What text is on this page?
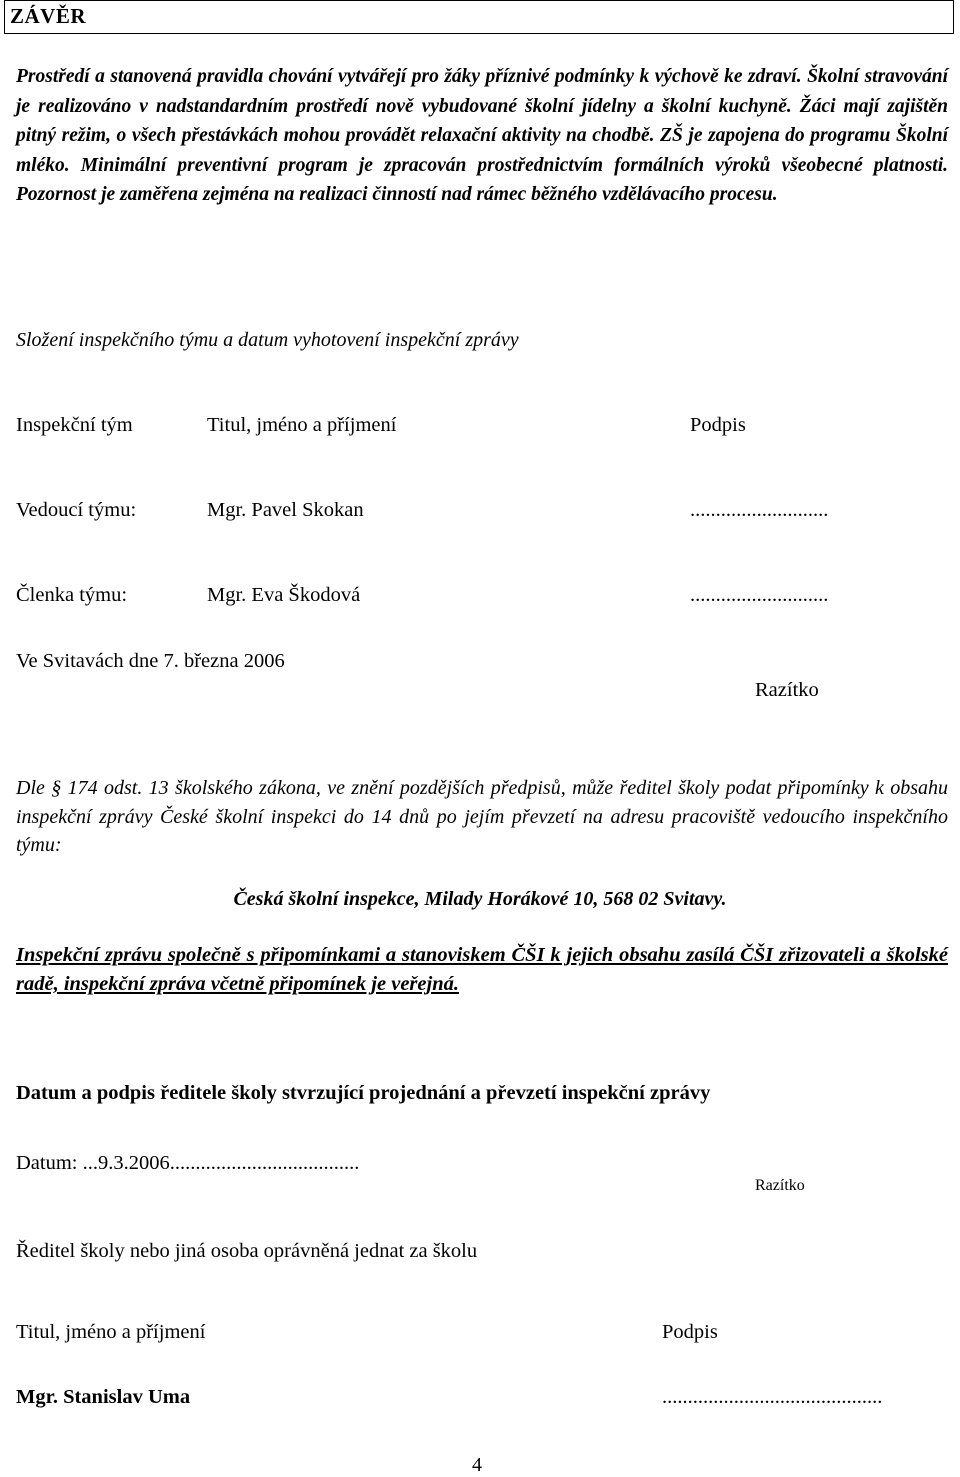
ZÁVĚR
Prostředí a stanovená pravidla chování vytvářejí pro žáky příznivé podmínky k výchově ke zdraví. Školní stravování je realizováno v nadstandardním prostředí nově vybudované školní jídelny a školní kuchyně. Žáci mají zajištěn pitný režim, o všech přestávkách mohou provádět relaxační aktivity na chodbě. ZŠ je zapojena do programu Školní mléko. Minimální preventivní program je zpracován prostřednictvím formálních výroků všeobecné platnosti. Pozornost je zaměřena zejména na realizaci činností nad rámec běžného vzdělávacího procesu.
Složení inspekčního týmu a datum vyhotovení inspekční zprávy
Inspekční tým	Titul, jméno a příjmení	Podpis
Vedoucí týmu:	Mgr. Pavel Skokan	...........................
Členka týmu:	Mgr. Eva Škodová	...........................
Ve Svitavách dne 7. března 2006
Razítko
Dle § 174 odst. 13 školského zákona, ve znění pozdějších předpisů, může ředitel školy podat připomínky k obsahu inspekční zprávy České školní inspekci do 14 dnů po jejím převzetí na adresu pracoviště vedoucího inspekčního týmu:
Česká školní inspekce, Milady Horákové 10, 568 02 Svitavy.
Inspekční zprávu společně s připomínkami a stanoviskem ČŠI k jejich obsahu zasílá ČŠI zřizovateli a školské radě, inspekční zpráva včetně připomínek je veřejná.
Datum a podpis ředitele školy stvrzující projednání a převzetí inspekční zprávy
Datum: ...9.3.2006.....................................
Razítko
Ředitel školy nebo jiná osoba oprávněná jednat za školu
Titul, jméno a příjmení	Podpis
Mgr. Stanislav Uma	...........................................
4
